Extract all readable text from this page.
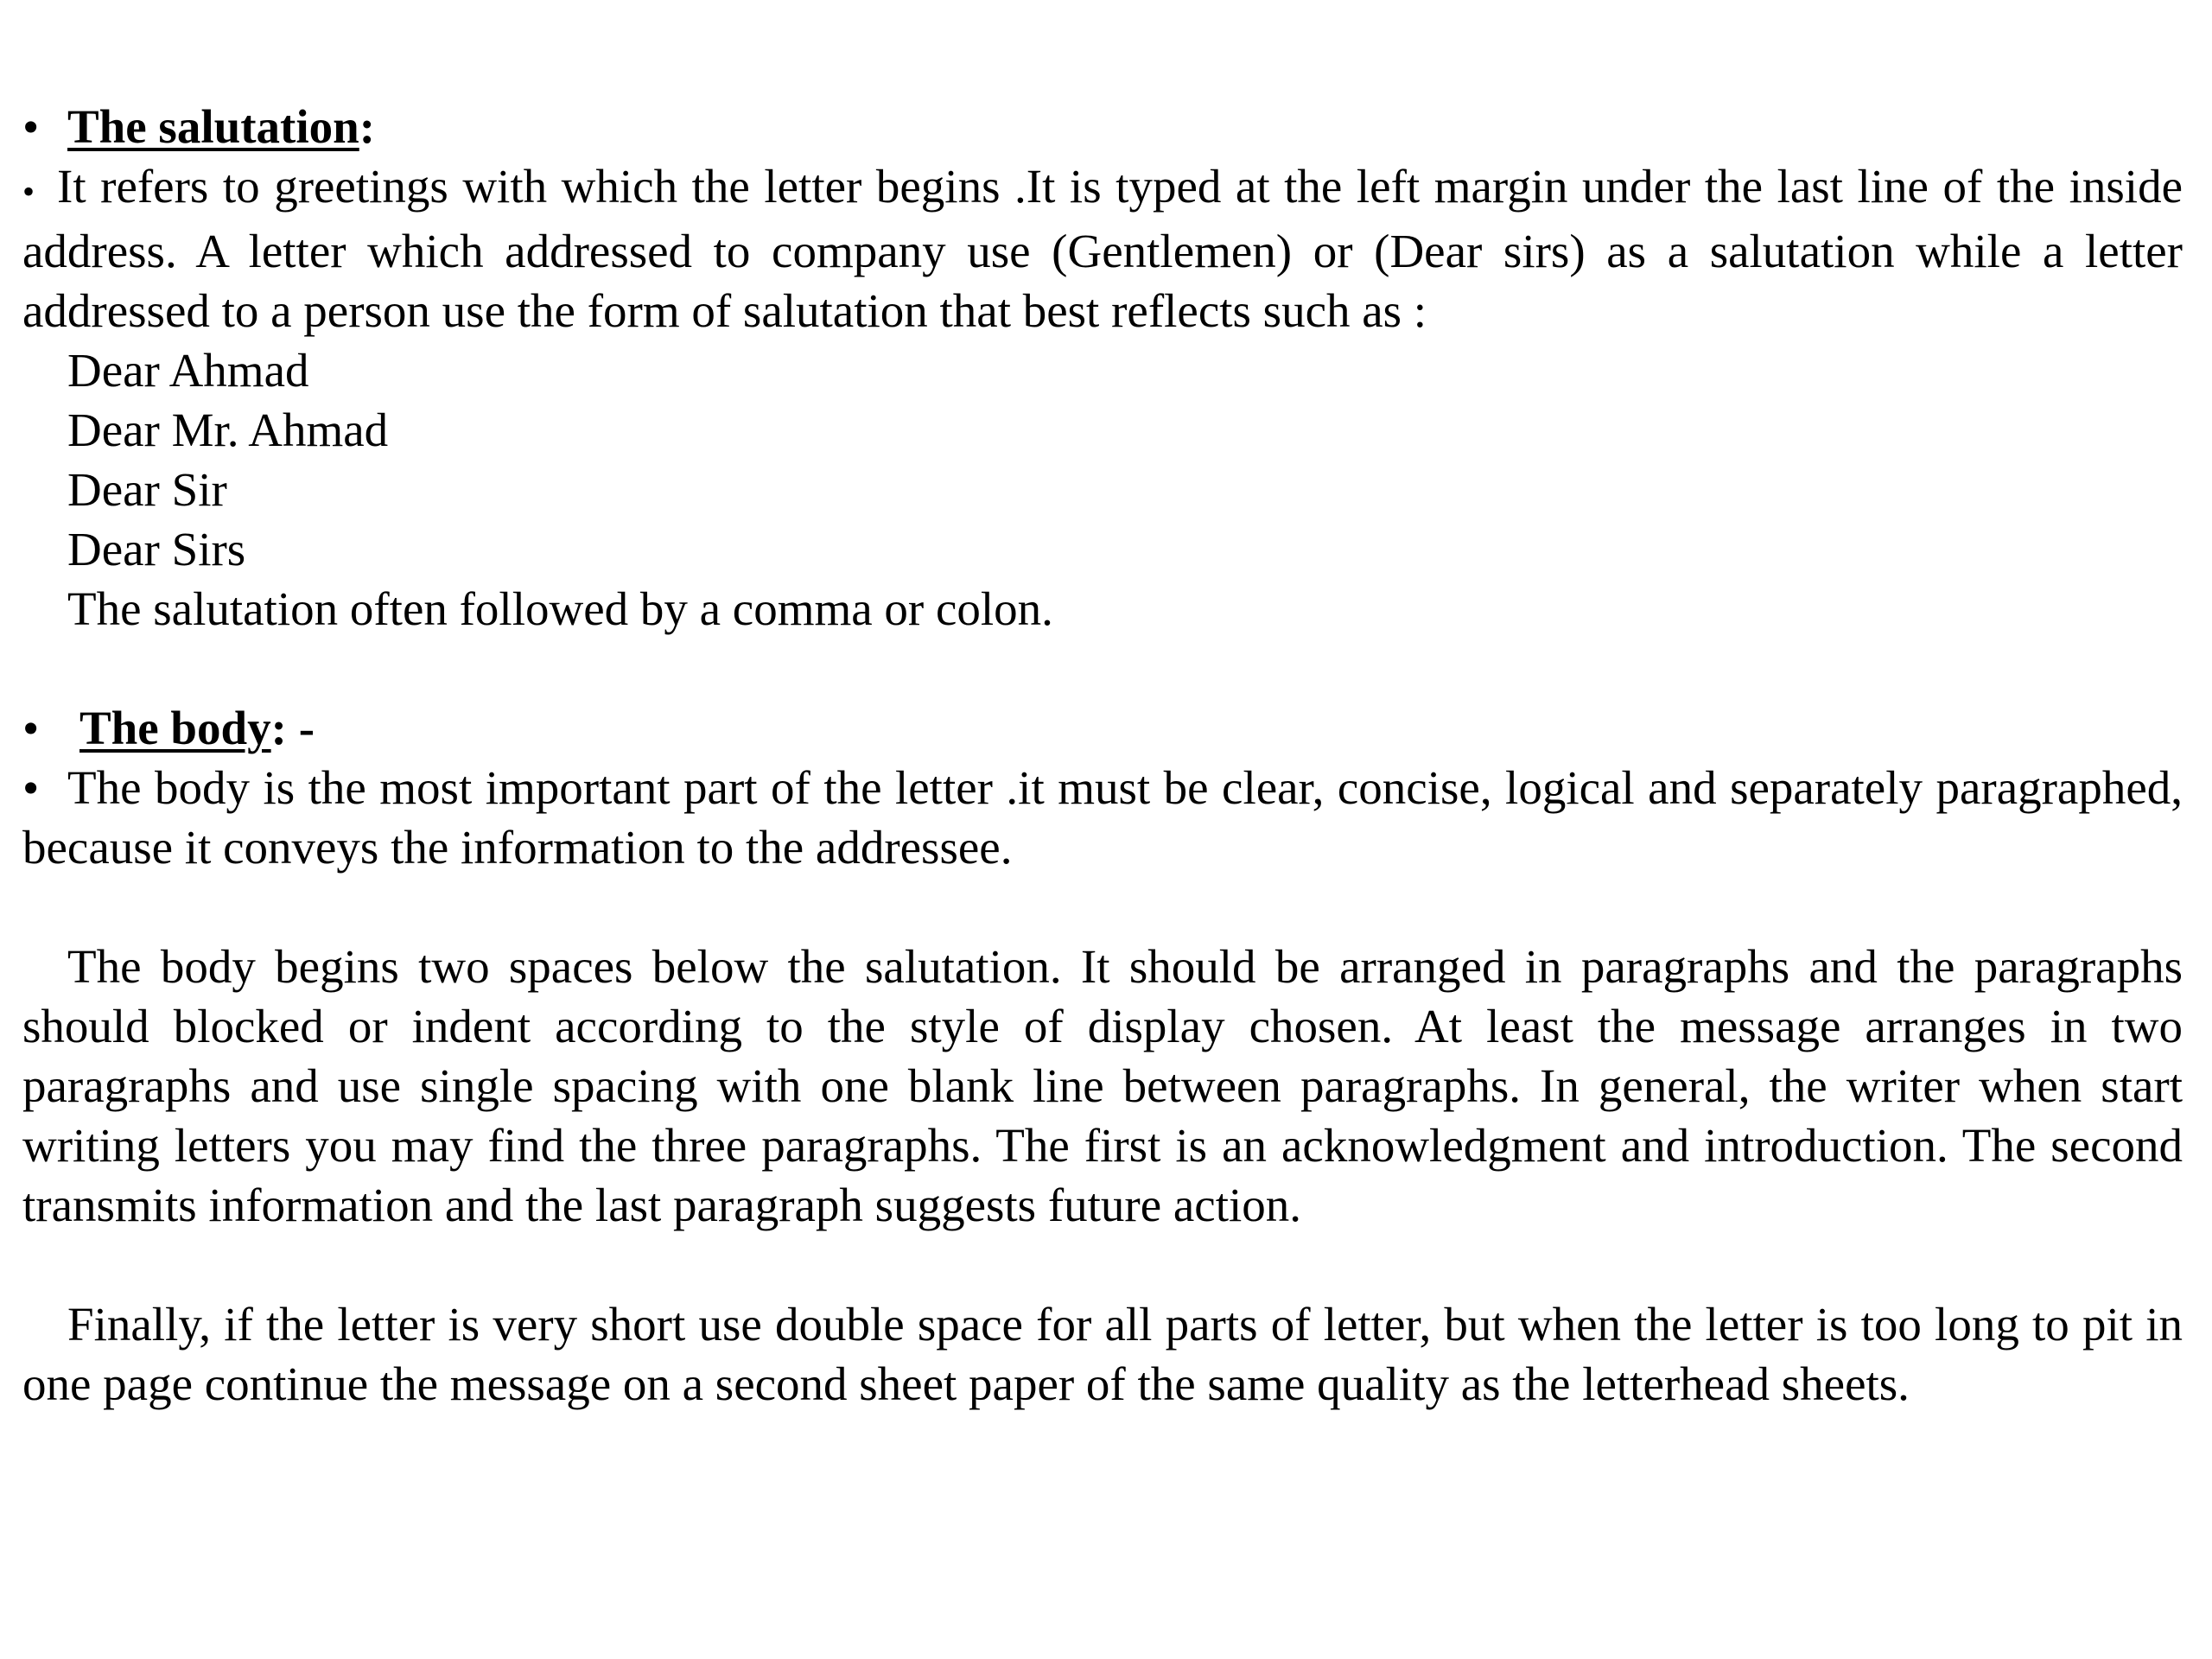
• The salutation:
• It refers to greetings with which the letter begins .It is typed at the left margin under the last line of the inside address. A letter which addressed to company use (Gentlemen) or (Dear sirs) as a salutation while a letter addressed to a person use the form of salutation that best reflects such as :
Dear Ahmad
Dear Mr. Ahmad
Dear Sir
Dear Sirs
The salutation often followed by a comma or colon.
• The body: -
• The body is the most important part of the letter .it must be clear, concise, logical and separately paragraphed, because it conveys the information to the addressee.
The body begins two spaces below the salutation. It should be arranged in paragraphs and the paragraphs should blocked or indent according to the style of display chosen. At least the message arranges in two paragraphs and use single spacing with one blank line between paragraphs. In general, the writer when start writing letters you may find the three paragraphs. The first is an acknowledgment and introduction. The second transmits information and the last paragraph suggests future action.
Finally, if the letter is very short use double space for all parts of letter, but when the letter is too long to pit in one page continue the message on a second sheet paper of the same quality as the letterhead sheets.
